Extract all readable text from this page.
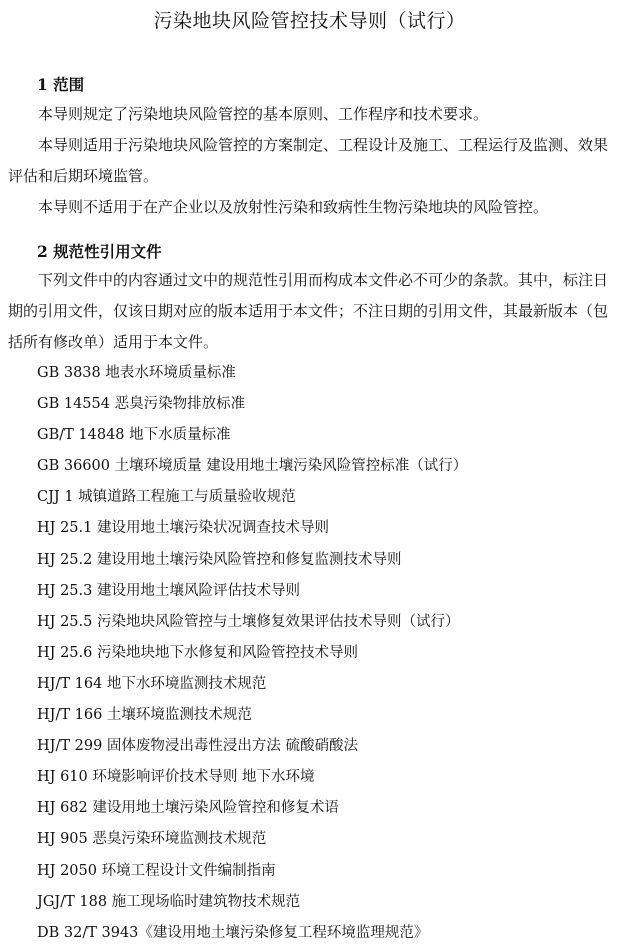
污染地块风险管控技术导则（试行）
1 范围

本导则规定了污染地块风险管控的基本原则、工作程序和技术要求。

本导则适用于污染地块风险管控的方案制定、工程设计及施工、工程运行及监测、效果评估和后期环境监管。

本导则不适用于在产企业以及放射性污染和致病性生物污染地块的风险管控。

2 规范性引用文件

下列文件中的内容通过文中的规范性引用而构成本文件必不可少的条款。其中，标注日期的引用文件，仅该日期对应的版本适用于本文件；不注日期的引用文件，其最新版本（包括所有修改单）适用于本文件。

GB 3838 地表水环境质量标准
GB 14554 恶臭污染物排放标准
GB/T 14848 地下水质量标准
GB 36600 土壤环境质量 建设用地土壤污染风险管控标准（试行）
CJJ 1 城镇道路工程施工与质量验收规范
HJ 25.1 建设用地土壤污染状况调查技术导则
HJ 25.2 建设用地土壤污染风险管控和修复监测技术导则
HJ 25.3 建设用地土壤风险评估技术导则
HJ 25.5 污染地块风险管控与土壤修复效果评估技术导则（试行）
HJ 25.6 污染地块地下水修复和风险管控技术导则
HJ/T 164 地下水环境监测技术规范
HJ/T 166 土壤环境监测技术规范
HJ/T 299 固体废物浸出毒性浸出方法 硫酸硝酸法
HJ 610 环境影响评价技术导则 地下水环境
HJ 682 建设用地土壤污染风险管控和修复术语
HJ 905 恶臭污染环境监测技术规范
HJ 2050 环境工程设计文件编制指南
JGJ/T 188 施工现场临时建筑物技术规范
DB 32/T 3943《建设用地土壤污染修复工程环境监理规范》
